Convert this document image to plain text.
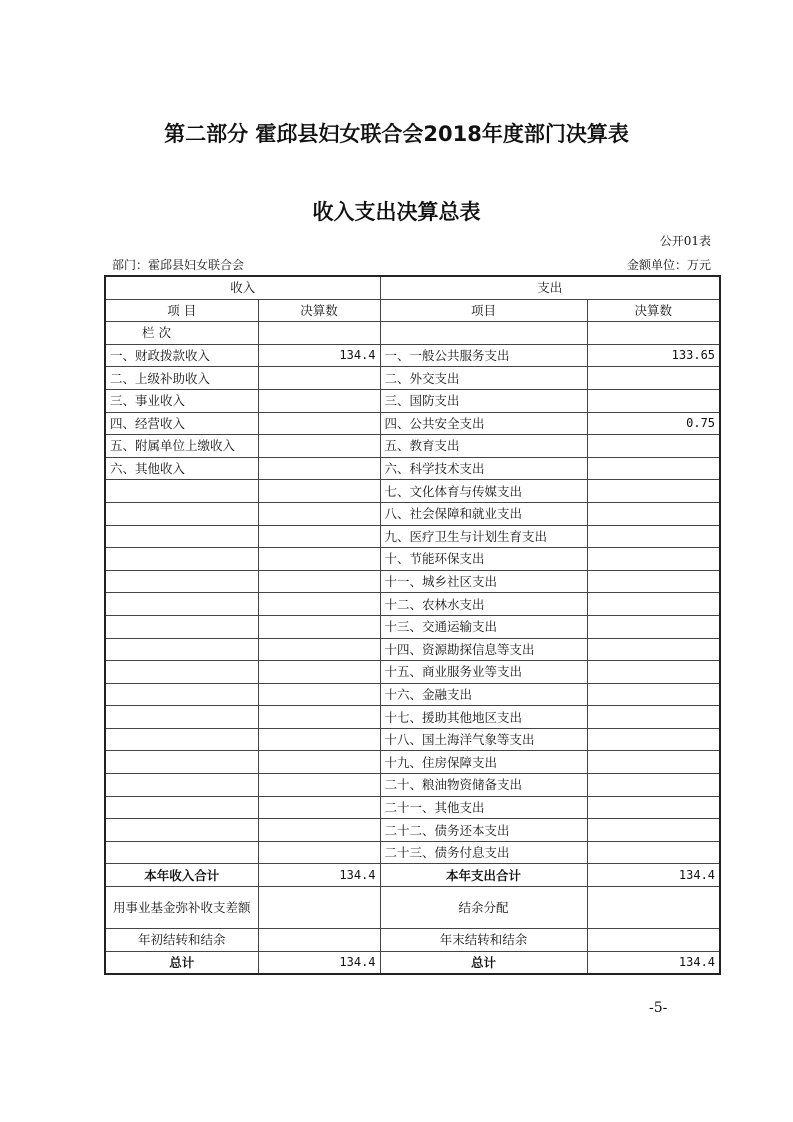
第二部分 霍邱县妇女联合会2018年度部门决算表
收入支出决算总表
公开01表
部门：霍邱县妇女联合会	金额单位：万元
收入		支出	
项 目	决算数	项目	决算数
栏 次			
一、财政拨款收入	134.4	一、一般公共服务支出	133.65
二、上级补助收入		二、外交支出	
三、事业收入		三、国防支出	
四、经营收入		四、公共安全支出	0.75
五、附属单位上缴收入		五、教育支出	
六、其他收入		六、科学技术支出	
		七、文化体育与传媒支出	
		八、社会保障和就业支出	
		九、医疗卫生与计划生育支出	
		十、节能环保支出	
		十一、城乡社区支出	
		十二、农林水支出	
		十三、交通运输支出	
		十四、资源勘探信息等支出	
		十五、商业服务业等支出	
		十六、金融支出	
		十七、援助其他地区支出	
		十八、国土海洋气象等支出	
		十九、住房保障支出	
		二十、粮油物资储备支出	
		二十一、其他支出	
		二十二、债务还本支出	
		二十三、债务付息支出	
本年收入合计	134.4	本年支出合计	134.4
用事业基金弥补收支差额		结余分配	
年初结转和结余		年末结转和结余	
总计	134.4	总计	134.4
-5-
